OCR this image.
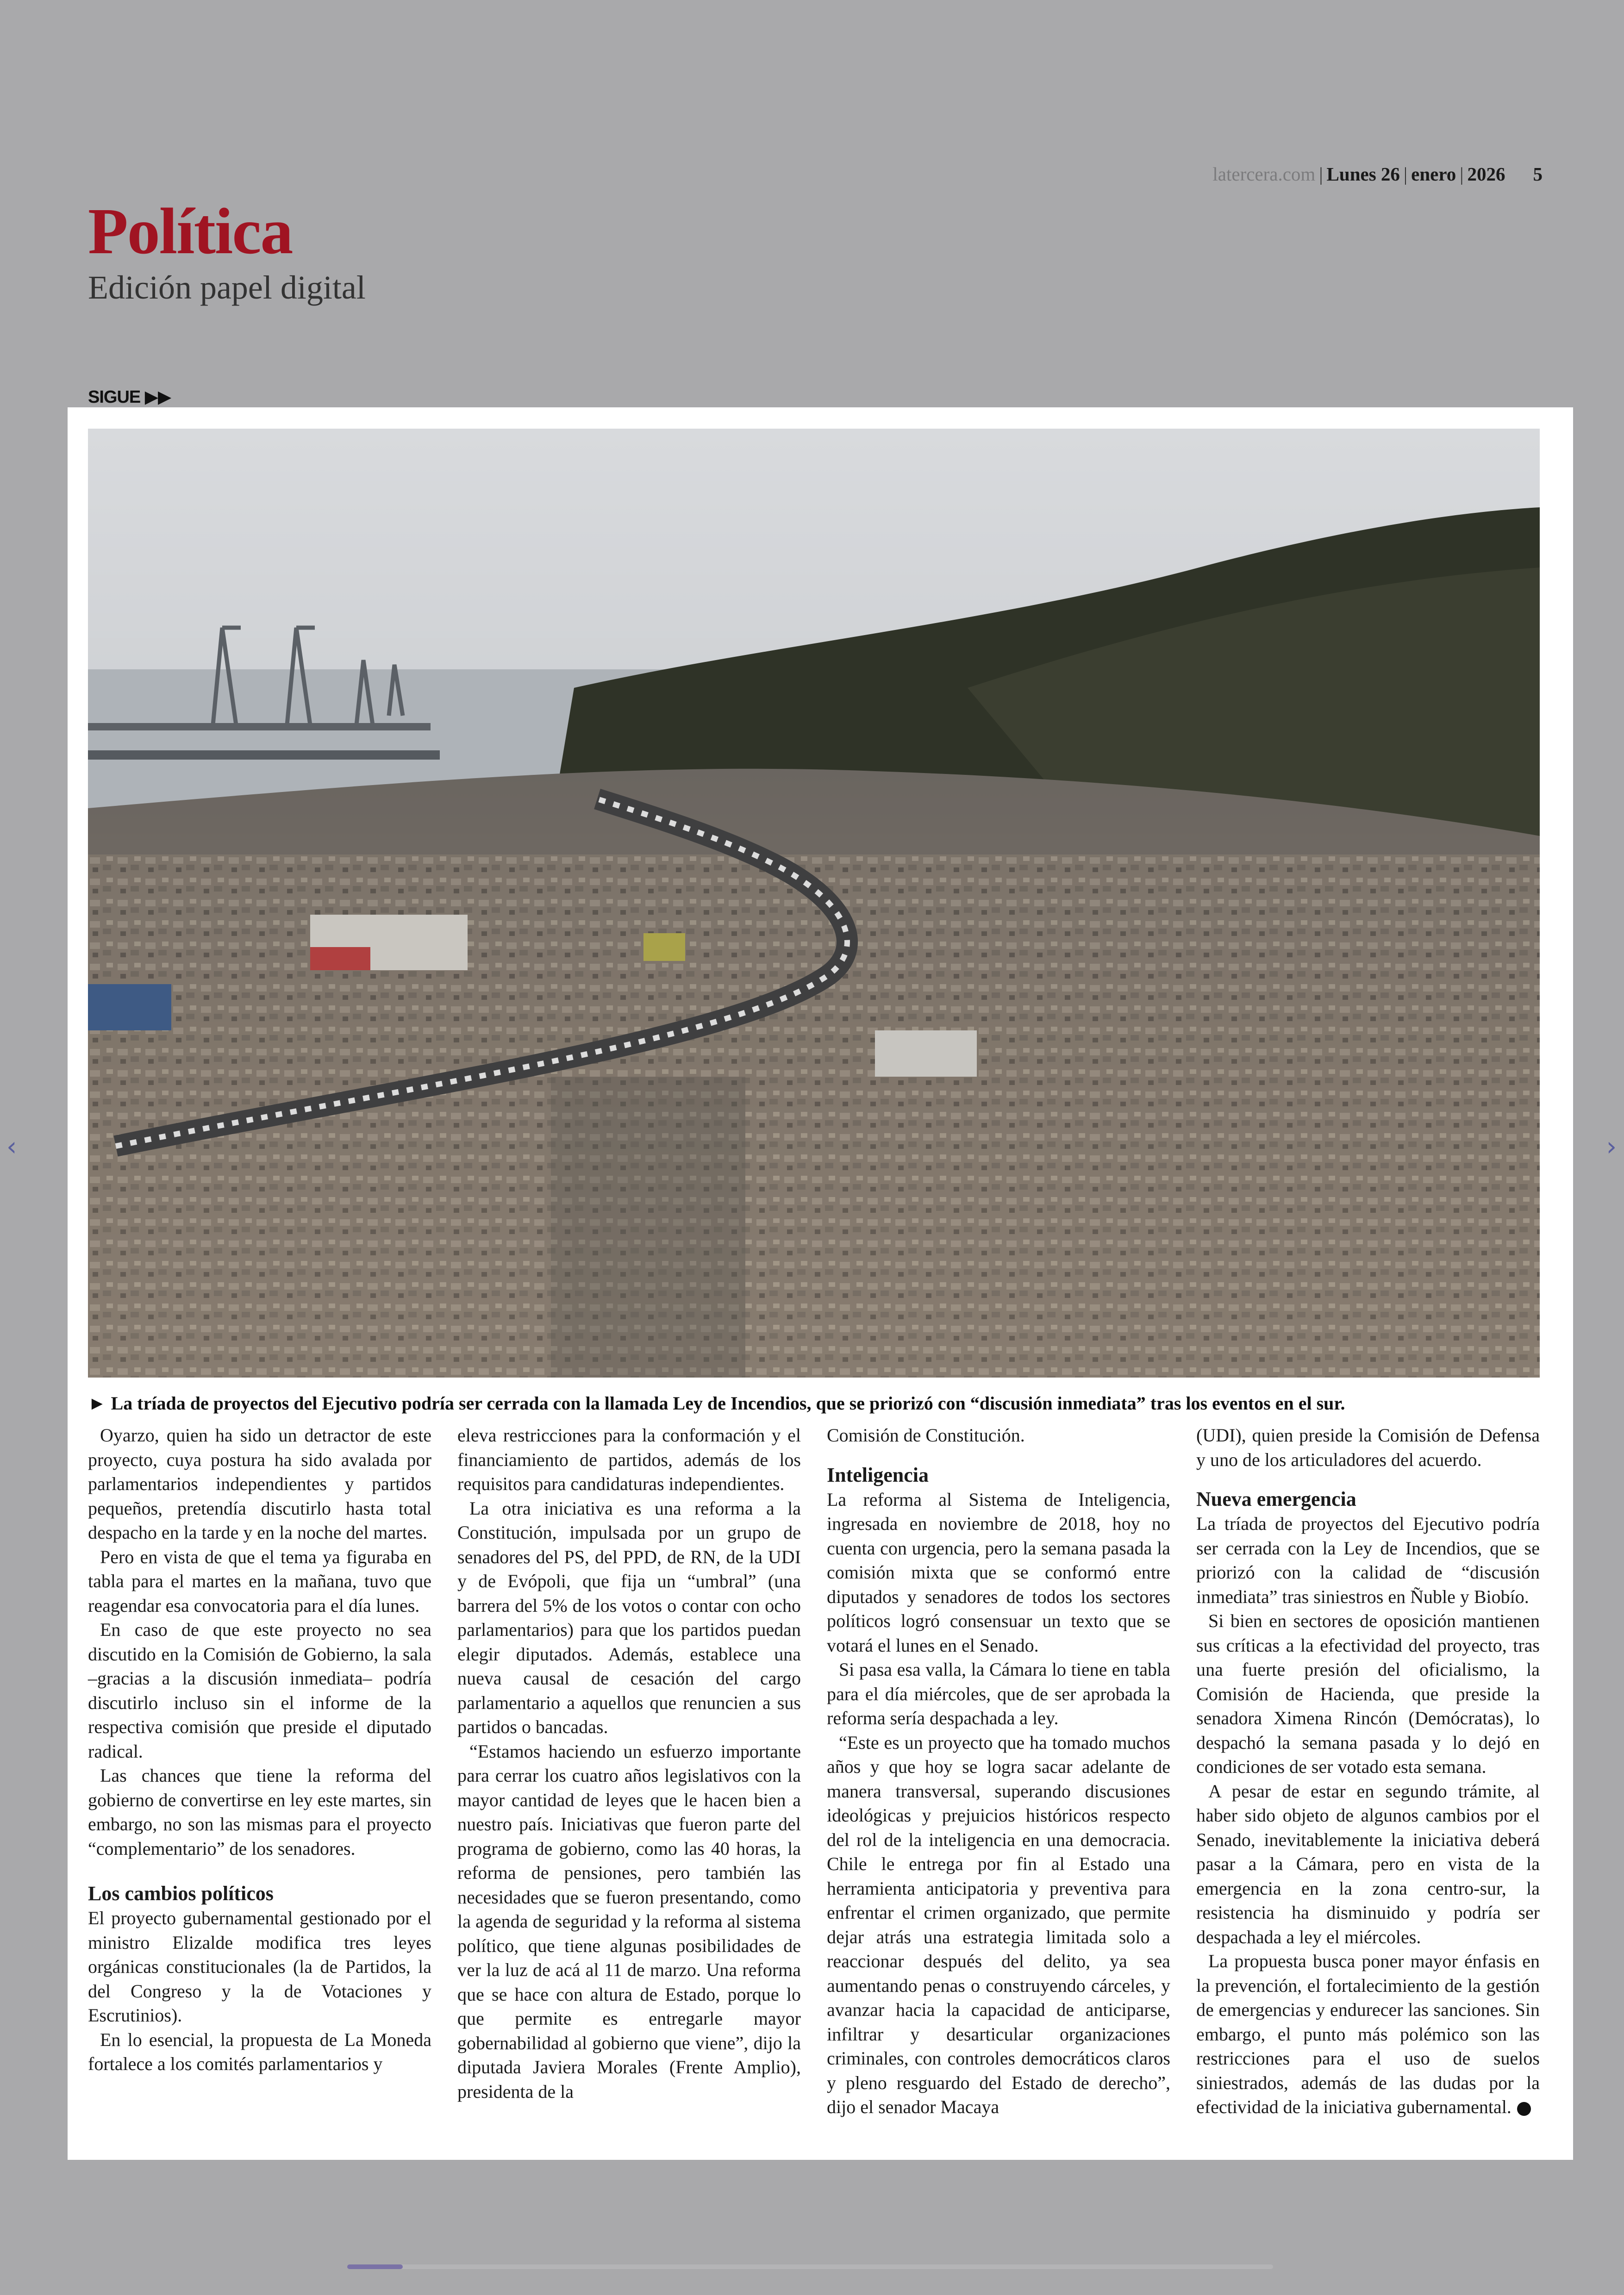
latercera.com | Lunes 26 | enero | 2026 5
Política
Edición papel digital
SIGUE ▶▶
► La tríada de proyectos del Ejecutivo podría ser cerrada con la llamada Ley de Incendios, que se priorizó con “discusión inmediata” tras los eventos en el sur.

Oyarzo, quien ha sido un detractor de este proyecto, cuya postura ha sido avalada por parlamentarios independientes y partidos pequeños, pretendía discutirlo hasta total despacho en la tarde y en la noche del martes.

Pero en vista de que el tema ya figuraba en tabla para el martes en la mañana, tuvo que reagendar esa convocatoria para el día lunes.

En caso de que este proyecto no sea discutido en la Comisión de Gobierno, la sala –gracias a la discusión inmediata– podría discutirlo incluso sin el informe de la respectiva comisión que preside el diputado radical.

Las chances que tiene la reforma del gobierno de convertirse en ley este martes, sin embargo, no son las mismas para el proyecto “complementario” de los senadores.

Los cambios políticos

El proyecto gubernamental gestionado por el ministro Elizalde modifica tres leyes orgánicas constitucionales (la de Partidos, la del Congreso y la de Votaciones y Escrutinios).

En lo esencial, la propuesta de La Moneda fortalece a los comités parlamentarios y

eleva restricciones para la conformación y el financiamiento de partidos, además de los requisitos para candidaturas independientes.

La otra iniciativa es una reforma a la Constitución, impulsada por un grupo de senadores del PS, del PPD, de RN, de la UDI y de Evópoli, que fija un “umbral” (una barrera del 5% de los votos o contar con ocho parlamentarios) para que los partidos puedan elegir diputados. Además, establece una nueva causal de cesación del cargo parlamentario a aquellos que renuncien a sus partidos o bancadas.

“Estamos haciendo un esfuerzo importante para cerrar los cuatro años legislativos con la mayor cantidad de leyes que le hacen bien a nuestro país. Iniciativas que fueron parte del programa de gobierno, como las 40 horas, la reforma de pensiones, pero también las necesidades que se fueron presentando, como la agenda de seguridad y la reforma al sistema político, que tiene algunas posibilidades de ver la luz de acá al 11 de marzo. Una reforma que se hace con altura de Estado, porque lo que permite es entregarle mayor gobernabilidad al gobierno que viene”, dijo la diputada Javiera Morales (Frente Amplio), presidenta de la

Comisión de Constitución.

Inteligencia

La reforma al Sistema de Inteligencia, ingresada en noviembre de 2018, hoy no cuenta con urgencia, pero la semana pasada la comisión mixta que se conformó entre diputados y senadores de todos los sectores políticos logró consensuar un texto que se votará el lunes en el Senado.

Si pasa esa valla, la Cámara lo tiene en tabla para el día miércoles, que de ser aprobada la reforma sería despachada a ley.

“Este es un proyecto que ha tomado muchos años y que hoy se logra sacar adelante de manera transversal, superando discusiones ideológicas y prejuicios históricos respecto del rol de la inteligencia en una democracia. Chile le entrega por fin al Estado una herramienta anticipatoria y preventiva para enfrentar el crimen organizado, que permite dejar atrás una estrategia limitada solo a reaccionar después del delito, ya sea aumentando penas o construyendo cárceles, y avanzar hacia la capacidad de anticiparse, infiltrar y desarticular organizaciones criminales, con controles democráticos claros y pleno resguardo del Estado de derecho”, dijo el senador Macaya

(UDI), quien preside la Comisión de Defensa y uno de los articuladores del acuerdo.

Nueva emergencia

La tríada de proyectos del Ejecutivo podría ser cerrada con la Ley de Incendios, que se priorizó con la calidad de “discusión inmediata” tras siniestros en Ñuble y Biobío.

Si bien en sectores de oposición mantienen sus críticas a la efectividad del proyecto, tras una fuerte presión del oficialismo, la Comisión de Hacienda, que preside la senadora Ximena Rincón (Demócratas), lo despachó la semana pasada y lo dejó en condiciones de ser votado esta semana.

A pesar de estar en segundo trámite, al haber sido objeto de algunos cambios por el Senado, inevitablemente la iniciativa deberá pasar a la Cámara, pero en vista de la emergencia en la zona centro-sur, la resistencia ha disminuido y podría ser despachada a ley el miércoles.

La propuesta busca poner mayor énfasis en la prevención, el fortalecimiento de la gestión de emergencias y endurecer las sanciones. Sin embargo, el punto más polémico son las restricciones para el uso de suelos siniestrados, además de las dudas por la efectividad de la iniciativa gubernamental.

‹	›
